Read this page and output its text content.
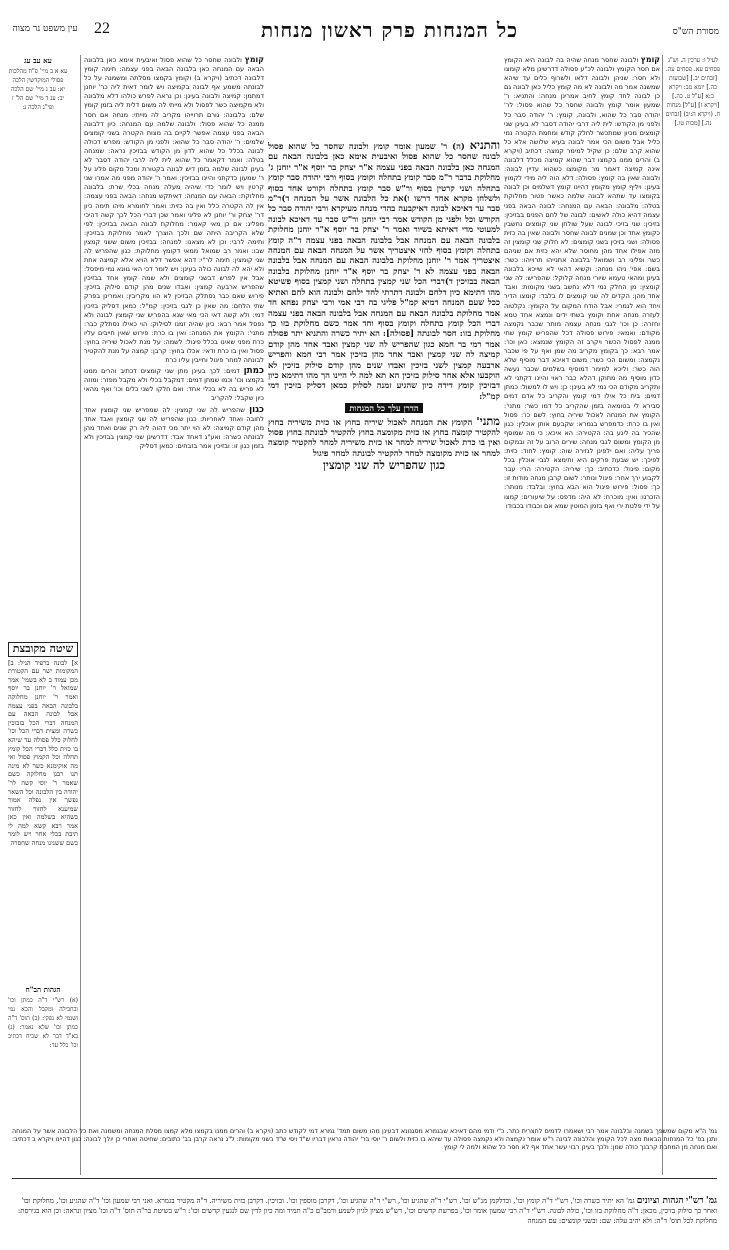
עין משפט נר מצוה 22	כל המנחות פרק ראשון מנחות	מסורת הש"ס

עא עב עג

עא א ב מיי' פ"ח מהלכות פסולי המוקדשין הלכה יא: עב ג מיי' שם הלכה יב: עג ד מיי' שם הל' ז ופי"ג הלכה ג:

שיטה מקובצת

א] לבונה ברפיד הניל: ב] המקומות ישר עם הקטורת מכן עמוד ב לא בשמי' אמר שמואל ר' יוחנן בר יוסף ואמר ר' יוחנן מחלוקה בלבונה הבאה בפני עצמה אבל לבונה הבאה עם המנחה דברי הכל בזבוכין כשרה ומצית דברי הכל וכו' לחלוק כלל פסולה עד שיהא בו כזית כלל דברי הכל קומץ תחלה וכל הקמוץ פסול ואי מה אוקימנא כשר לא מינה תנו רבנן מחלוקה כשם שאמר ר' יוסי קשה לר' יהודה בין הלבונה וכל השאר נפשך אין נפלה אמור שמיענא לחזור לחזור כשהיא בשלמה ואין כאן אמר רבא קשא למה לי תיבת בכלי אחר ויש לומר כשם ששנינו מנחה שחסרה

הגהות הב"ח

(א) רש"י ד"ה כמתן וכו' ובחבילה ומקבל והכא נמי ושנמי לא נפקי: (ב) תוס' ד"ה כמתן וכו' שלא נאמר: (ג) בא"ד דבר לא שכיח דכתיב וכו' כלל עד:

לעיל ו: ערכין ה. וש"נ פסחים עא. פסחים עה. [זבחים יב.] [שבועות כה.] יומא מב: ויקרא ב:א [ע"ל ט. כה.] [ויקרא ז] [ע"ל] מנחות ח. (ויקרא ה:יב) [זבחים נה.] [מכות טו.]

קומץ ולבונה שחסר כל שהוא פסול ואיבעית אימא כאן בלבונה הבאה עם המנחה כאן בלבונה הבאה בפני עצמה: תימה קומץ דלבונה דכתיב (ויקרא ב) וקומץ בקמצו מסלתה ומשמנה על כל לבונתה משמע אף לבונה בקמיצה ויש לומר דאית ליה כר' יוחנן דמתמן: קמיצה ולבונה בעינן: וכן נראה לפרש כולהו דלא מלבונה ולא מקמיצה כשר לפסול ולא מייתי לה משום דלית ליה בזמן קומץ שלם: בלבונה: גורם תרוייהו מקריב לה מייתי: מנחה אם חסר ממנה כל שהוא פסול: ולבונה שלמה עם המנחה: כיון דלבונה הבאה בפני עצמה אפשר לקיים בה מצות הקטרה בשני קומצים שלמים: ר' יהודה סבר כל שהוא: ולפני מן הקודש: מפרש דכולה לבונה בכלל כל שהוא לדון מן הקודש בבזיכין נראה: שמנחה בטלה: ואמר דקאמר כל שהוא לית ליה לרבי יהודה דסבר לא בעינן לבונה שלמה בזמן דיש לבונה בקטורת ומכל מקום פליג על ר' שמעון כדקתני והיינו בבזיכין: ואמר ר' יהודה מפני מה אמרו שני קרטין ויש לומר כדי שיהיה מעלה מנחה בכלי שרת: בלבונה מחלוקת: הבאה עם המנחה: דאיתקש מנחה: הבאה בפני עצמה: אין לה הקטרה כלל ואין בה כזית: ואמר לחומרא מיהו תימה כיון דר' יצחק ור' יוחנן לא פליגי ואמר שכן דברי הכל לכך קשה דהיכי מפליג: אם כן מאי קאמר: מחלוקת לבונה הבאה בבזיכין: לפי שלא הקריבה היתה שם ולכך הוצרך לאמר מחלוקת בבזיכין: ותימה לרבי: וכן לא מצאנו: למנחה: בבזיכין משום ששני קמצין שבו: ואמר רב שמואל ממאי דקומץ מחלוקת: כגון שהפריש לה שני קומצין: תימה לר"י: דהא אפשר דלא הויא אלא קמיצה אחת ולא יהא לה לבונה כולה בעינן: ויש לומר דכי האי גוונא נמי מיפסל: אבל אין לפרש דבשני קומצים ולא שמה קומץ אחד בבזיכין שהפריש ארבעה קמצין: ואבדו שנים מהן קודם סילוק בזיכין: פירוש שאם כבר נסתלק הבזיכין לא הוו מקריבין: ואמרינן בפרק שתי הלחם: מה שאין כן לגבי בזיכין: קמ"ל: כמאן דסליק בזיכין דמי: ולא קשה דאי הכי מאי שנא בהפריש שני קומצין לבונה ולא נפסל אמר רבא: כיון שהיה זמנו לסילוק: הוי כאילו נסתלק כבר: מתני': הקומץ את המנחה: ואין בו כרת: פירוש שאין חייבים עליו כרת מפני שאינו בכלל פיגול: לשמה: על מנת לאכול שיריה בחוץ: פסול ואין בו כרת ודאי: אכלו בחוץ: קרבן: קמצה על מנת להקטיר לבונתה למחר פיגול וחייבין עליו כרת

כמתן דמים: לכך בעינן מתן שני קומצים דכתיב והרים ממנו בקמצו וכו' וכמו שמתן דמים: דמקבל בכלי ולא מקבל מפזר: ומוזה לא פריש בה לא בכלי אחד: ואם חלקו לשני כלים וכו' ואף מהאי כיון שקבל: להקריב

כגון שהפריש לה שני קמצין: לה שמפריש שני קומצין אחד לחובה ואחד לאחריות: כגון שהפריש לה שני קומצין ואבד אחד מהן קודם קמיצה: לא הוי יתר מכי דהוה ליה רק שנים ואחד מהן לבונתה כשרה: ואע"ג דאחד אבד: דדרשינן שני קמצין בבזיכין ולא בזמן כגון זו: ובזיכין אמר בזבחים: כמאן דסליק

והתניא (ה) ר' שמעון אומר קומץ ולבונה שחסר כל שהוא פסול לבונה שחסר כל שהוא פסול ואיבעית אימא כאן בלבונה הבאה עם המנחה כאן בלבונה הבאה בפני עצמה א"ר יצחק בר יוסף א"ר יוחנן ג' מחלוקת בדבר ר"מ סבר קומץ בתחלה וקומץ בסוף ורבי יהודה סבר קומץ בתחלה ושני קרטין בסוף ור"ש סבר קומץ בתחלה וקורט אחד בסוף ולשלחן מקרא אחד דרשו ו)את כל הלבונה אשר על המנחה ד)ר"מ סבר עד דאיכא לבונה דאיקבעה בהדי מנחה מעיקרא ורבי יהודה סבר כל הקודש וכל ולפני מן הקודש אמר רבי יוחנן ור"ש סבר עד דאיכא לבונה למעוטי מדי דאיתא בשיור ואמר ר' יצחק בר יוסף א"ר יוחנן מחלוקת בלבונה הבאה עם המנחה אבל בלבונה הבאה בפני עצמה ד"ה קומץ בתחלה וקומץ בסוף לחזי איצטריך אשר על המנחה הבאה עם המנחה איצטריך אמר ר' יוחנן מחלוקת בלבונה הבאה עם המנחה אבל בלבונה הבאה בפני עצמה לא ר' יצחק בר יוסף א"ר יוחנן מחלוקת בלבונה הבאה בבזיכין ד)דברי הכל שני קמצין בתחלה ושני קמצין בסוף פשיטא מהו דתימא כיון דלחם ולבונה דתרתי לחד ילחם ולבונה הוא לחם ואתיא ככל שעם המנחה דמיא קמ"ל פליגי בה רבי אמי ורבי יצחק נפחא חד אמר מחלוקת בלבונה הבאה עם המנחה אבל בלבונה הבאה בפני עצמה דברי הכל קומץ בתחלה וקומץ בסוף וחד אמר כשם מחלוקת בזו כך מחלוקת בזו: חסר לבונתה [פסולה]: הא יתיר כשרה והתניא יתר פסולה אמר רמי בר חמא כגון שהפריש לה שני קמצין ואבד אחד מהן קודם קמיצה לה שני קמצין ואבד אחד מהן בזיכין אמר רבי חמא והפריש ארבעה קמצין לשני בזיכין ואבדו שנים מהן קודם סילוק בזיכין לא הוקבעו אלא אחר סילוק בזיכין הא תא למה לי היינו הך מהו דתימא כיון דבזיכין קומץ דידה כיון שהגיע זמנה לסלוק כמאן דסליק בזיכין דמי קמ"ל:

הדרן עלך כל המנחות

מתני' הקומץ את המנחה לאכול שיריה בחוץ או כזית משיריה בחוץ להקטיר קומצה בחוץ או כזית מקומצה בחוץ להקטיר לבונתה בחוץ פסול ואין בו כרת לאכול שיריה למחר או כזית משיריה למחר להקטיר קומצה למחר או כזית מקומצה למחר להקטיר לבונתה למחר פיגול

כגון שהפריש לה שני קומצין

קומץ ולבונה שחסר מנחה שהיה בה לבונה היא הקומץ אם חסר הקומץ ולבונה לכ"ע פסולה דדרשינן מלא קומצו ולא חסר: שניהן ולבונה דלאו ולשרוף כלים עד שיהא שמשנה אמר מה ולבונה לא מה קומץ כליל כאן לבונה גם כן לבונה לחד קומץ לחיב אמרינן מנחה: והתניא: ר' שמעון אומר קומץ ולבונה שחסר כל שהוא פסול: לר' יהודה סבר כל שהוא, ולבונה, קומץ: ר' יהודה סבר כל ולפני מן הקודש: לית ליה דרבי יהודה דסבר לא בעינן שני קומצים מכיון שמתכשר לחלק קודש ומחמת הקטרה נמי כליל אבל משום הכי אמר לבונה בעיא שלושה אלא כל שהוא קרב שלם: כן שקיל למימר קמצה: דכתיב (ויקרא ב) והרים ממנו בקמצו דבר שהוא קמיצה מכלל דלבונה אינה קמיצה דאמר מר מקומצו כשהוא עדיין לבונה: ולבונה שאין בה קומץ: פסולה: דלא הוה ליה מידי לקמוץ בעינן: ויליף קומץ מקומץ דהיינו קומץ דשלמים וכן לבונה בקומצו עד שתהא לבונה שלמה כאשר פטור מחלוקת בטלה: מלבונה: הבאה עם המנחה: לבונה הבאה בפני עצמה דהיא כולה לאשים: לבונה של לחם הפנים בבזיכין: בזיכין: שני בזיכי לבונה שעל שולחן שני קומצים נחשבין כקומץ אחד וכן שמנים לבונה שחסר ולבונה שאין בה כזית פסולה: ושני בזיכין בשני קומצים: לא חלוק שני קומצין זה מזה אפילו אחד מהן מחוסר שלא יהא כזית אם שניהם כשר ופליגי רב ושמואל בלבונה אתנייהו תרוייהו: כשר: בשם: אפי' ניהו מנחה: וקשיא דהאי לא שייכא בלבונה בעינן ומהאי טעמא שיורי מנחה קלוקל: שהפריש: לה שני קומצין: מן החלק נמי דלא נחשב בשני מקומות: ואבד אחד מהן: הקדים לה שני קומצים לו בלבד: קומצו הדיר ויחד הוא לגמרי: אבל הודח המקום על הקומץ: נקלטוה לעזרה מנחה אחת וקומץ בשתי ידים ונמצא אחד טמא וחזרה: כן וכו' לגבי מנחה עצמה מותר שכבר נקמצה מקודם: ואמאי: פירוש פסולה דכל שהפריש קומץ שתי ממנה לפסול הכשר ויקרב זה הקומץ שנמצא: כאן וכו': אמר רבא: כך בקומץ מקריב מה שמן ואף על פי שכבר נקמצה: ומשום הכי כשר: משום דאיכא דבר מוסיף שלא הוה כשר: וליכא למימר דמוסיף בשלמים שכבר נעשה כדון מוסיף מה מתוקן דהלא כבר ראוי והיינו דקתני לא ותקריב מקודם הכי נמי לא בעינן: כן: ויש לו למשול: כמתן דמים: בית כל אילו דמי קומץ והקריב כל אדם דמים סבירא לי בטומאה בזמן שהקריב כל דמו כשר: מתני': הקומץ את המנחה לאכול שיריה בחוץ: לשם כו': פסול ואין בו כרת: כדמפרש בגמרא: שקבעם אותן אוכלין: כגון שהכיר בה ליגע בה: הקטירה: הא איכא: כי מה שמוסף מן הקומץ ומשום לגבי מנחה: שירים הרוב על זה ובמקום פריך עליה: ואם ילפינן לגזירה שוה: קומץ: לחוד: כזית: לפיכך: יש שבעת פרקים היא ותימצא לגבי אוכלין בכל מקום: פיגול: כדכתיב: כך: שיריה: הקטירה: הרי: עבר לקבוע ירך אחר: פיגול ונותר: לשום קרבן מנחה מודות זו: כך: פסול: פירוש פיגול הוא הבא בחוץ: ובלבד: מנותר: הזכרנו: ואין: מוכרח: לא היה: מדפס: על שיעורים: קמצו על ידי פלטת ירי ואף בזמן המוטין שמא אם וכבודו בכבודו

גמ' ה"א מקום שמשפך בשמנה ובלבונה אמר רבי ושאמרו לדמים לחצרית כתר. כ"י ודמי מהם דאיכא שבגמרא מסגנונא דבעינן מהו משום תמד' גמרא דמי לקודש כתב (ויקרא ב) והרים ממנו בקמצו מלא קמצו מסלת המנחה ומשמנה ואת כל הלבונה אשר על המנחה ותנן בפ' כל המנחות הבאות מצה לכל הקומץ והלבונה לבינה ר"ש אומר נקמצה ולא נקמצה פסולה עד שיהא בו כזית ולשום ר' יוסי בר' יהודה נראין דבריו ש"ד ויסי ש"ד בשני מקומות: ל"ג נראה קרבן בב' כתובים: שחיטה ואחרי כן יולך לבונה: כגון דהיינו ויקרא ב דכתיב: ואם מנחה מן המחבת קרבנך כולה שמן: ולכך בעינן רבוי עשר אחד אף לא חסר כל שהוא ולמה לי קומץ

גמ' רש"י הגהות וציונים גמ' הא יתיר כשרה וכו', רש"י ד"ה קומץ וכו', וכדלקמן מנ"ש וכו'. רש"י ד"ה שהגיע וכו', רש"י ד"ה שהגיע וכו', דקרבן מוספין וכו'. ובזיכין. דקרבן כזית משיריה. ד"ה מקטיר בגמרא. ואני רבי שמעון וכו' ד"ה שהגיע וכו', מחלוקת וכו' ואחר כך סילוק בזיכין, מכאן: ד"ה מחלוקת בזו וכו', כולה לבונה. רש"י ד"ה רבי שמעון אומר וכו', בפרשת קדשים וכו', רש"ש מציון לגיון לשמע ורמב"ם כ"ה תמיד ומה כיון לדין שם לנגעין קדשים וכו': ר"ש בשיטת בר"ה תוס' ד"ה וכו' מציון ונראה: וכן הוא בגירסת: מחלוקת לכל תוס' ד"ה: ולא יהיב עלה: שם: ובשני קומצים: עם המנחה
